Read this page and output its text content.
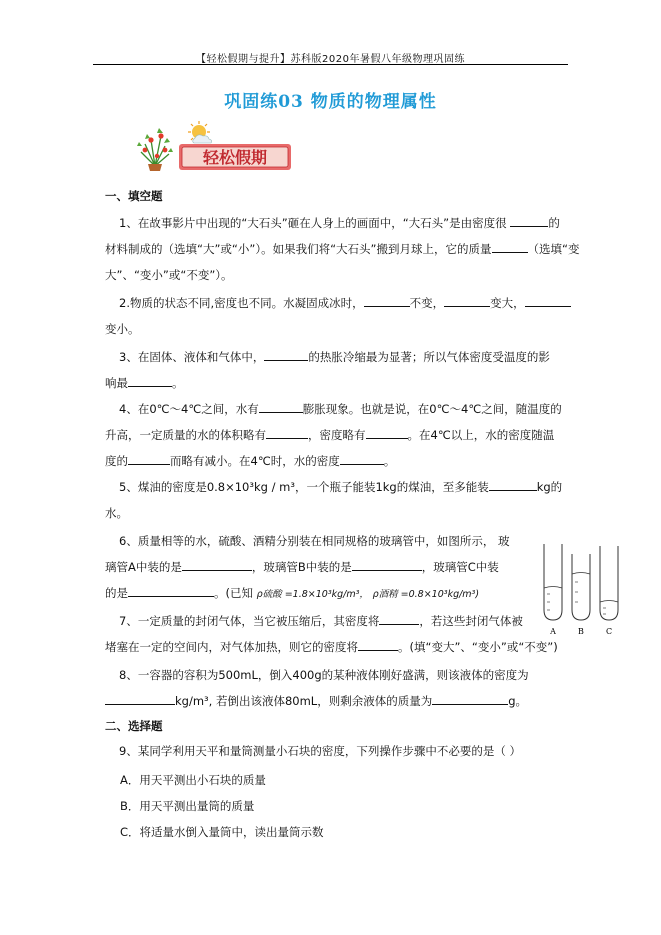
【轻松假期与提升】苏科版2020年暑假八年级物理巩固练
巩固练03 物质的物理属性
轻松假期
一、填空题
1、在故事影片中出现的“大石头”砸在人身上的画面中，“大石头”是由密度很	的
材料制成的（选填“大”或“小”）。如果我们将“大石头”搬到月球上，它的质量	（选填“变
大”、“变小”或“不变”）。
2.物质的状态不同,密度也不同。水凝固成冰时，	不变，	变大，
变小。
3、在固体、液体和气体中，	的热胀冷缩最为显著；所以气体密度受温度的影
响最	。
4、在0℃～4℃之间，水有	膨胀现象。也就是说，在0℃～4℃之间，随温度的
升高，一定质量的水的体积略有	，密度略有	。在4℃以上，水的密度随温
度的	而略有减小。在4℃时，水的密度	。
5、煤油的密度是0.8×10³kg / m³，一个瓶子能装1kg的煤油，至多能装	kg的
水。
6、质量相等的水，硫酸、酒精分别装在相同规格的玻璃管中，如图所示， 玻
璃管A中装的是	，玻璃管B中装的是	，玻璃管C中装
的是	。(已知 ρ硫酸 =1.8×10³kg/m³， ρ酒精 =0.8×10³kg/m³)
A	B	C
7、一定质量的封闭气体，当它被压缩后，其密度将	，若这些封闭气体被
堵塞在一定的空间内，对气体加热，则它的密度将	。(填“变大”、“变小”或“不变”)
8、一容器的容积为500mL，倒入400g的某种液体刚好盛满，则该液体的密度为
kg/m³, 若倒出该液体80mL，则剩余液体的质量为	g。
二、选择题
9、某同学利用天平和量筒测量小石块的密度，下列操作步骤中不必要的是（ ）
A．用天平测出小石块的质量
B．用天平测出量筒的质量
C．将适量水倒入量筒中，读出量筒示数
